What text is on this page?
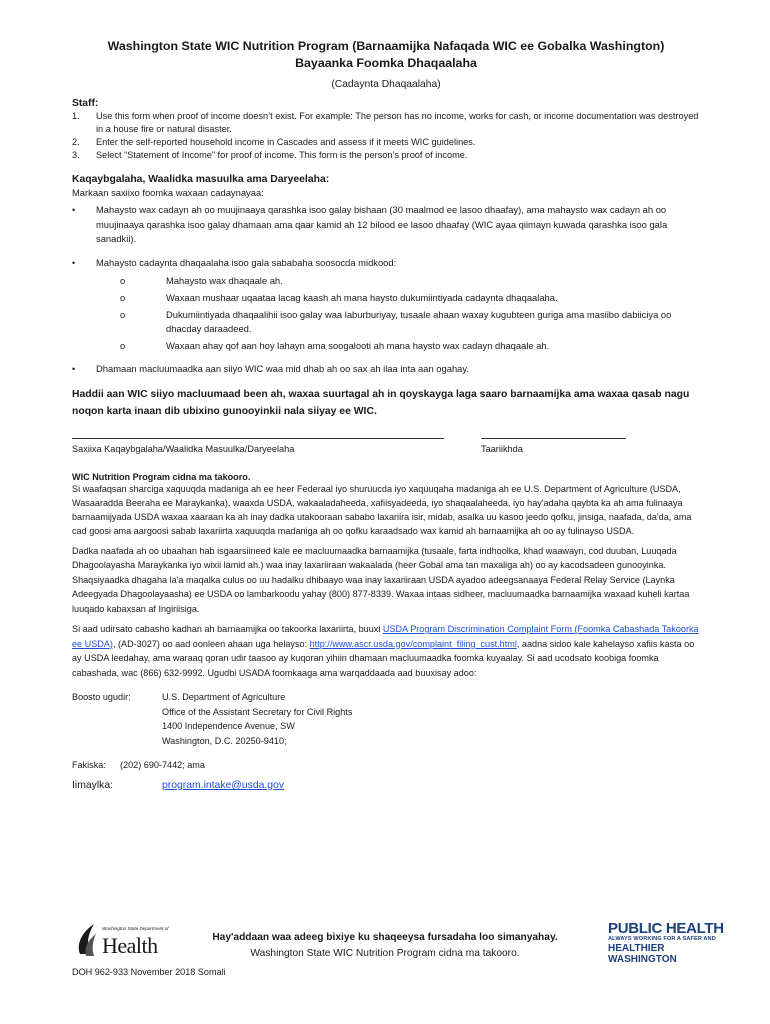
Washington State WIC Nutrition Program (Barnaamijka Nafaqada WIC ee Gobalka Washington)
Bayaanka Foomka Dhaqaalaha
(Cadaynta Dhaqaalaha)
Staff:
1. Use this form when proof of income doesn’t exist. For example: The person has no income, works for cash, or income documentation was destroyed in a house fire or natural disaster.
2. Enter the self-reported household income in Cascades and assess if it meets WIC guidelines.
3. Select “Statement of Income” for proof of income. This form is the person’s proof of income.
Kaqaybgalaha, Waalidka masuulka ama Daryeelaha:
Markaan saxiixo foomka waxaan cadaynayaa:
• Mahaysto wax cadayn ah oo muujinaaya qarashka isoo galay bishaan (30 maalmod ee lasoo dhaafay), ama mahaysto wax cadayn ah oo muujinaaya qarashka isoo galay dhamaan ama qaar kamid ah 12 bilood ee lasoo dhaafay (WIC ayaa qiimayn kuwada qarashka isoo gala sanadkii).
• Mahaysto cadaynta dhaqaalaha isoo gala sababaha soosocda midkood:
o	Mahaysto wax dhaqaale ah.
o	Waxaan mushaar uqaataa lacag kaash ah mana haysto dukumiintiyada cadaynta dhaqaalaha.
o	Dukumiintiyada dhaqaalihii isoo galay waa laburburiyay, tusaale ahaan waxay kugubteen guriga ama masiibo dabiiciya oo dhacday daraadeed.
o	Waxaan ahay qof aan hoy lahayn ama soogalooti ah mana haysto wax cadayn dhaqaale ah.
• Dhamaan macluumaadka aan siiyo WIC waa mid dhab ah oo sax ah ilaa inta aan ogahay.
Haddii aan WIC siiyo macluumaad been ah, waxaa suurtagal ah in qoyskayga laga saaro barnaamijka ama waxaa qasab nagu noqon karta inaan dib ubixino gunooyinkii nala siiyay ee WIC.
Saxiixa Kaqaybgalaha/Waalidka Masuulka/Daryeelaha	Taariikhda
WIC Nutrition Program cidna ma takooro.
Si waafaqsan sharciga xaquuqda madaniga ah ee heer Federaal iyo shuruucda iyo xaquuqaha madaniga ah ee U.S. Department of Agriculture (USDA, Wasaaradda Beeraha ee Maraykanka), waaxda USDA, wakaaladaheeda, xafiisyadeeda, iyo shaqaalaheeda, iyo hay'adaha qaybta ka ah ama fulinaaya barnaamijyada USDA waxaa xaaraan ka ah inay dadka utakooraan sababo laxariira isir, midab, asalka uu kasoo jeedo qofku, jinsiga, naafada, da'da, ama cad goosi ama aargoosi sabab laxariirta xaquuqda madaniga ah oo qofku karaadsado wax kamid ah barnaamijka ah oo ay fulinayso USDA.
Dadka naafada ah oo ubaahan hab isgaarsiineed kale ee macluumaadka barnaamijka (tusaale, farta indhoolka, khad waawayn, cod duuban, Luuqada Dhagoolayasha Maraykanka iyo wixii lamid ah.) waa inay laxariiraan wakaalada (heer Gobal ama tan maxaliga ah) oo ay kacodsadeen gunooyinka. Shaqsiyaadka dhagaha la'a maqalka culus oo uu hadalku dhibaayo waa inay laxariiraan USDA ayadoo adeegsanaaya Federal Relay Service (Laynka Adeegyada Dhagoolayaasha) ee USDA oo lambarkoodu yahay (800) 877-8339. Waxaa intaas sidheer, macluumaadka barnaamijka waxaad kuheli kartaa luuqado kabaxsan af Ingiriisiga.
Si aad udirsato cabasho kadhan ah barnaamijka oo takoorka laxariirta, buuxi USDA Program Discrimination Complaint Form (Foomka Cabashada Takoorka ee USDA), (AD-3027) oo aad oonleen ahaan uga helayso: http://www.ascr.usda.gov/complaint_filing_cust.html, aadna sidoo kale kahelayso xafiis kasta oo ay USDA leedahay, ama waraaq qoran udir taasoo ay kuqoran yihiin dhamaan macluumaadka foomka kuyaalay. Si aad ucodsato koobiga foomka cabashada, wac (866) 632-9992. Ugudbi USADA foomkaaga ama warqaddaada aad buuxisay adoo:
Boosto ugudir:	U.S. Department of Agriculture
Office of the Assistant Secretary for Civil Rights
1400 Independence Avenue, SW
Washington, D.C. 20250-9410;
Fakiska:	(202) 690-7442; ama
Iimaylka:	program.intake@usda.gov
Washington State Department of
Health	Hay'addaan waa adeeg bixiye ku shaqeeysa fursadaha loo simanyahay.
Washington State WIC Nutrition Program cidna ma takooro.
PUBLIC HEALTH
ALWAYS WORKING FOR A SAFER AND
HEALTHIER WASHINGTON
DOH 962-933 November 2018 Somali
